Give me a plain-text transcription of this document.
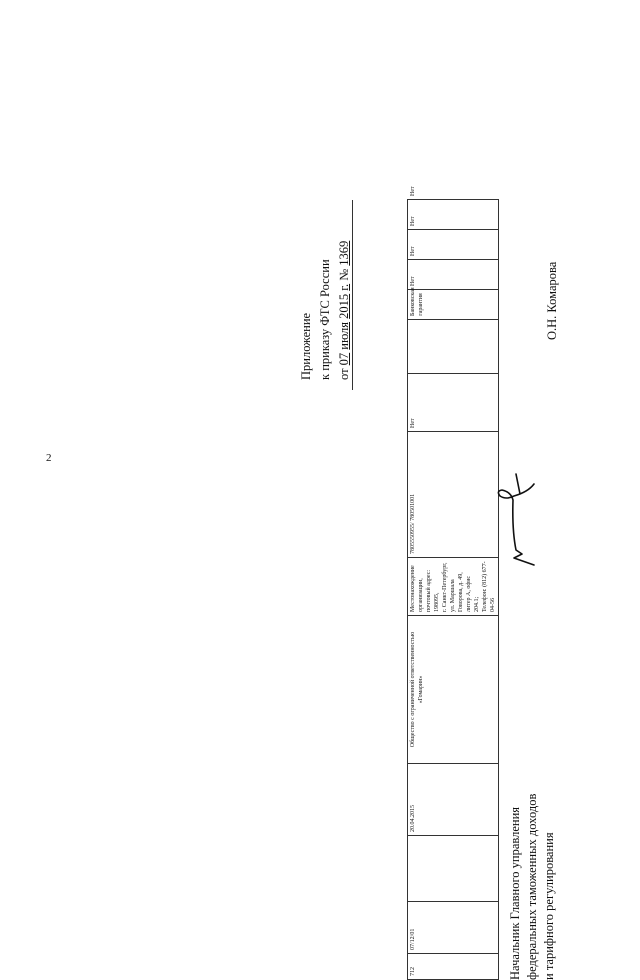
2
Приложение к приказу ФТС России от 07 июля 2015 г. № 1369
712	07/12/01		20.04.2015	Общество с ограниченной ответственностью «Гомарин»	
Местонахождение организации, почтовый адрес: 198095, г. Санкт-Петербург, ул. Маршала Говорова, д. 49, литер А, офис 204.1; Телефон: (812) 677-04-56
	7805550955/ 780501001	Нет		Банковская гарантия	Нет	Нет	Нет	Нет
Начальник Главного управления федеральных таможенных доходов и тарифного регулирования
О.Н. Комарова
